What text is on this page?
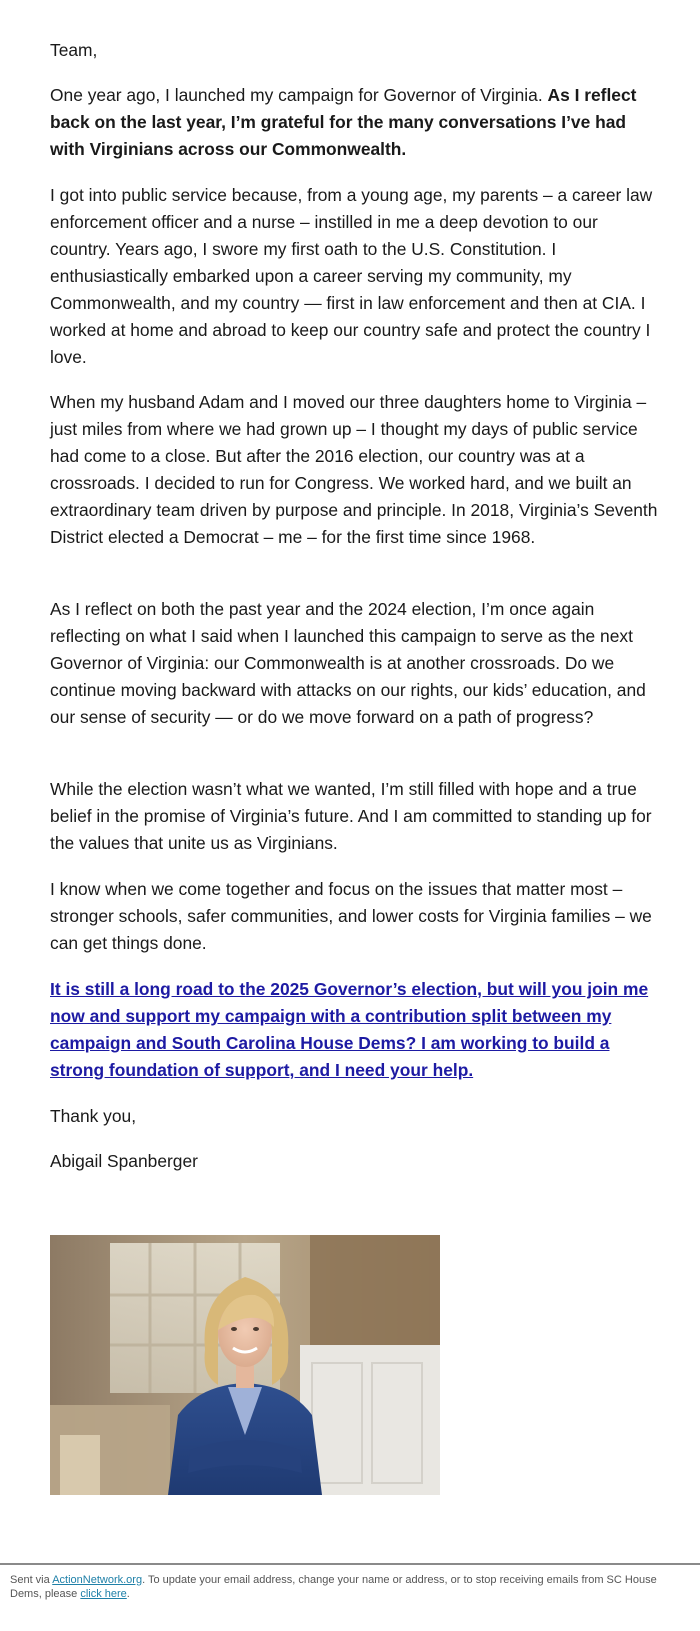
Team,

One year ago, I launched my campaign for Governor of Virginia. As I reflect back on the last year, I’m grateful for the many conversations I’ve had with Virginians across our Commonwealth.

I got into public service because, from a young age, my parents – a career law enforcement officer and a nurse – instilled in me a deep devotion to our country. Years ago, I swore my first oath to the U.S. Constitution. I enthusiastically embarked upon a career serving my community, my Commonwealth, and my country — first in law enforcement and then at CIA. I worked at home and abroad to keep our country safe and protect the country I love.

When my husband Adam and I moved our three daughters home to Virginia – just miles from where we had grown up – I thought my days of public service had come to a close. But after the 2016 election, our country was at a crossroads. I decided to run for Congress. We worked hard, and we built an extraordinary team driven by purpose and principle. In 2018, Virginia’s Seventh District elected a Democrat – me – for the first time since 1968.

As I reflect on both the past year and the 2024 election, I’m once again reflecting on what I said when I launched this campaign to serve as the next Governor of Virginia: our Commonwealth is at another crossroads. Do we continue moving backward with attacks on our rights, our kids’ education, and our sense of security — or do we move forward on a path of progress?

While the election wasn’t what we wanted, I’m still filled with hope and a true belief in the promise of Virginia’s future. And I am committed to standing up for the values that unite us as Virginians.

I know when we come together and focus on the issues that matter most – stronger schools, safer communities, and lower costs for Virginia families – we can get things done.

It is still a long road to the 2025 Governor’s election, but will you join me now and support my campaign with a contribution split between my campaign and South Carolina House Dems? I am working to build a strong foundation of support, and I need your help.

Thank you,

Abigail Spanberger

Sent via ActionNetwork.org. To update your email address, change your name or address, or to stop receiving emails from SC House Dems, please click here.
